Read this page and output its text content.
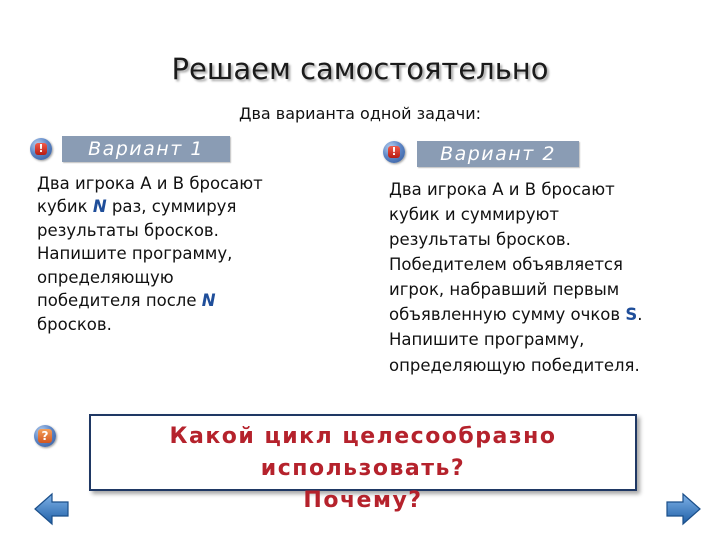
Решаем самостоятельно
Два варианта одной задачи:
!	Вариант 1
Два игрока А и В бросают
кубик N раз, суммируя
результаты бросков.
Напишите программу,
определяющую
победителя после N
бросков.
!	Вариант 2
Два игрока А и В бросают
кубик и суммируют
результаты бросков.
Победителем объявляется
игрок, набравший первым
объявленную сумму очков S.
Напишите программу,
определяющую победителя.
?	Какой цикл целесообразно использовать?
Почему?
